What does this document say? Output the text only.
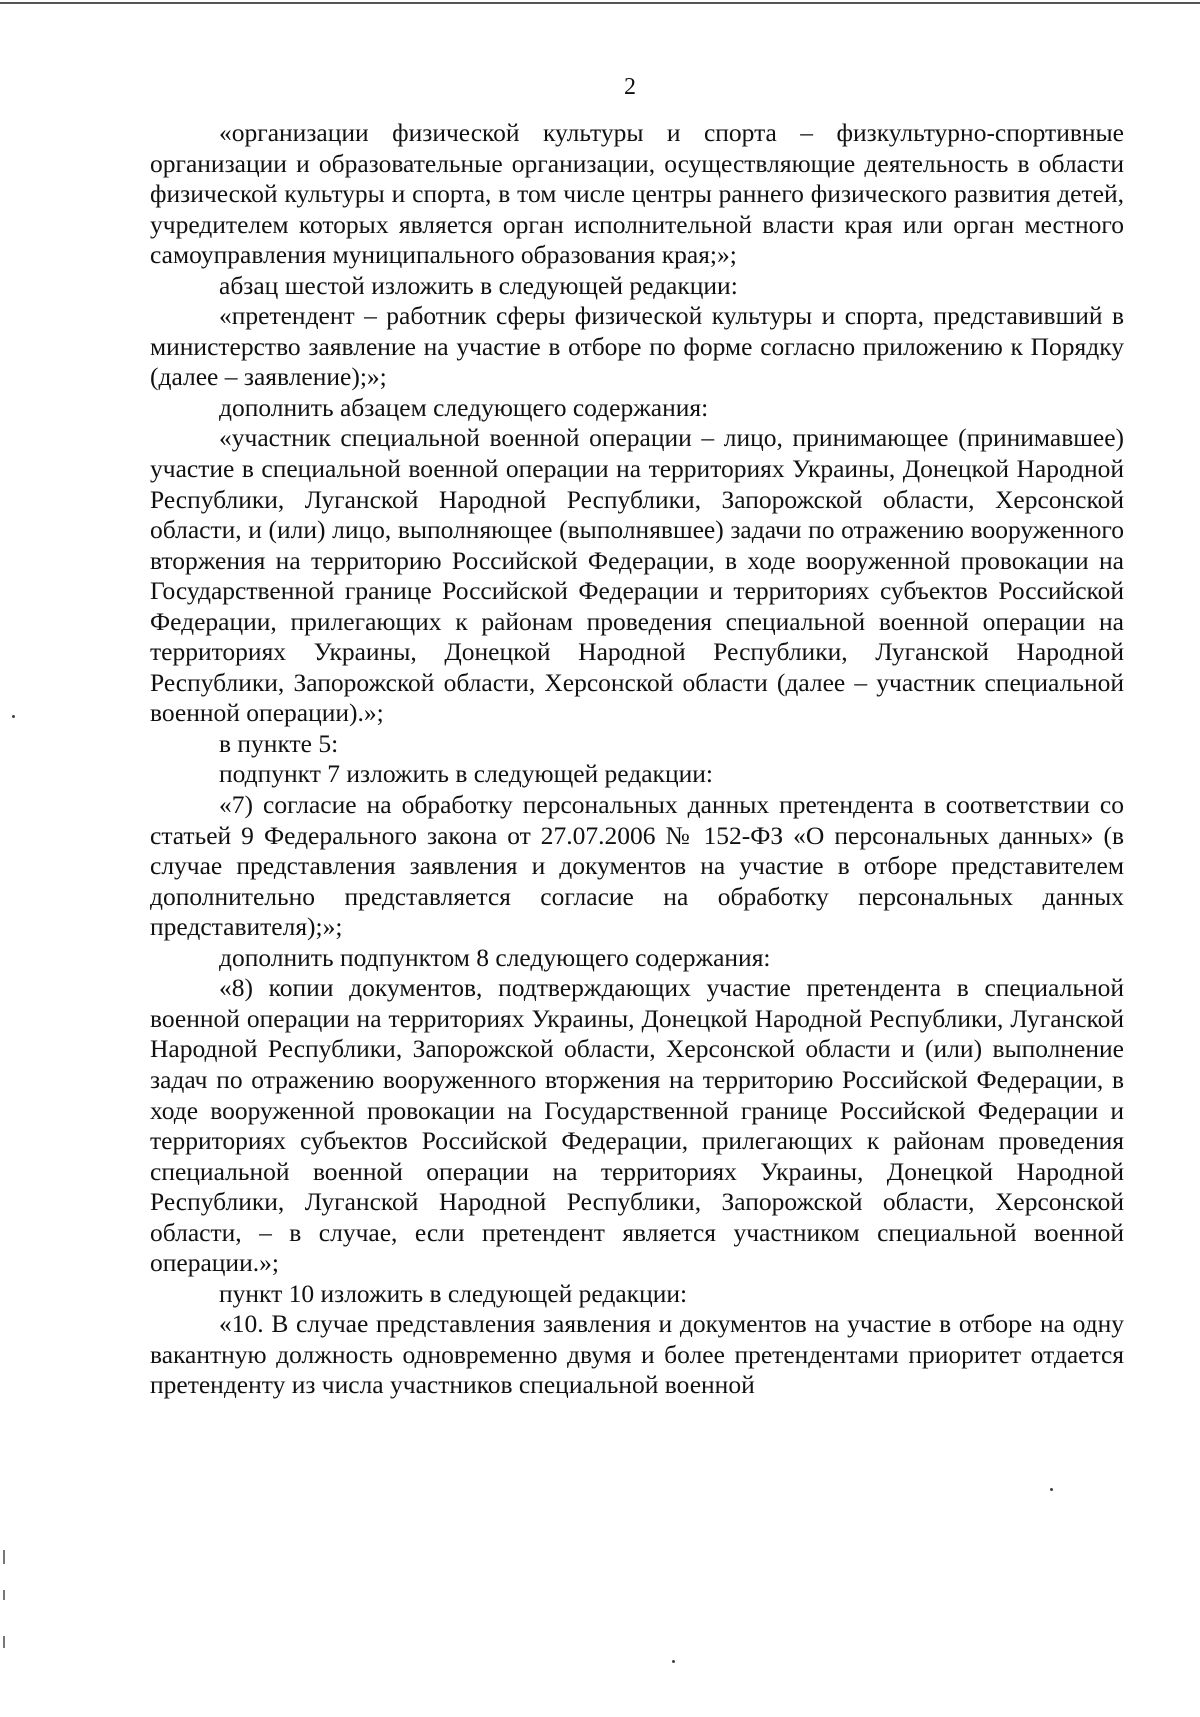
2

«организации физической культуры и спорта – физкультурно-спортивные организации и образовательные организации, осуществляющие деятельность в области физической культуры и спорта, в том числе центры раннего физического развития детей, учредителем которых является орган исполнительной власти края или орган местного самоуправления муниципального образования края;»;

абзац шестой изложить в следующей редакции:

«претендент – работник сферы физической культуры и спорта, представивший в министерство заявление на участие в отборе по форме согласно приложению к Порядку (далее – заявление);»;

дополнить абзацем следующего содержания:

«участник специальной военной операции – лицо, принимающее (принимавшее) участие в специальной военной операции на территориях Украины, Донецкой Народной Республики, Луганской Народной Республики, Запорожской области, Херсонской области, и (или) лицо, выполняющее (выполнявшее) задачи по отражению вооруженного вторжения на территорию Российской Федерации, в ходе вооруженной провокации на Государственной границе Российской Федерации и территориях субъектов Российской Федерации, прилегающих к районам проведения специальной военной операции на территориях Украины, Донецкой Народной Республики, Луганской Народной Республики, Запорожской области, Херсонской области (далее – участник специальной военной операции).»;

в пункте 5:

подпункт 7 изложить в следующей редакции:

«7) согласие на обработку персональных данных претендента в соответствии со статьей 9 Федерального закона от 27.07.2006 № 152-ФЗ «О персональных данных» (в случае представления заявления и документов на участие в отборе представителем дополнительно представляется согласие на обработку персональных данных представителя);»;

дополнить подпунктом 8 следующего содержания:

«8) копии документов, подтверждающих участие претендента в специальной военной операции на территориях Украины, Донецкой Народной Республики, Луганской Народной Республики, Запорожской области, Херсонской области и (или) выполнение задач по отражению вооруженного вторжения на территорию Российской Федерации, в ходе вооруженной провокации на Государственной границе Российской Федерации и территориях субъектов Российской Федерации, прилегающих к районам проведения специальной военной операции на территориях Украины, Донецкой Народной Республики, Луганской Народной Республики, Запорожской области, Херсонской области, – в случае, если претендент является участником специальной военной операции.»;

пункт 10 изложить в следующей редакции:

«10. В случае представления заявления и документов на участие в отборе на одну вакантную должность одновременно двумя и более претендентами приоритет отдается претенденту из числа участников специальной военной
